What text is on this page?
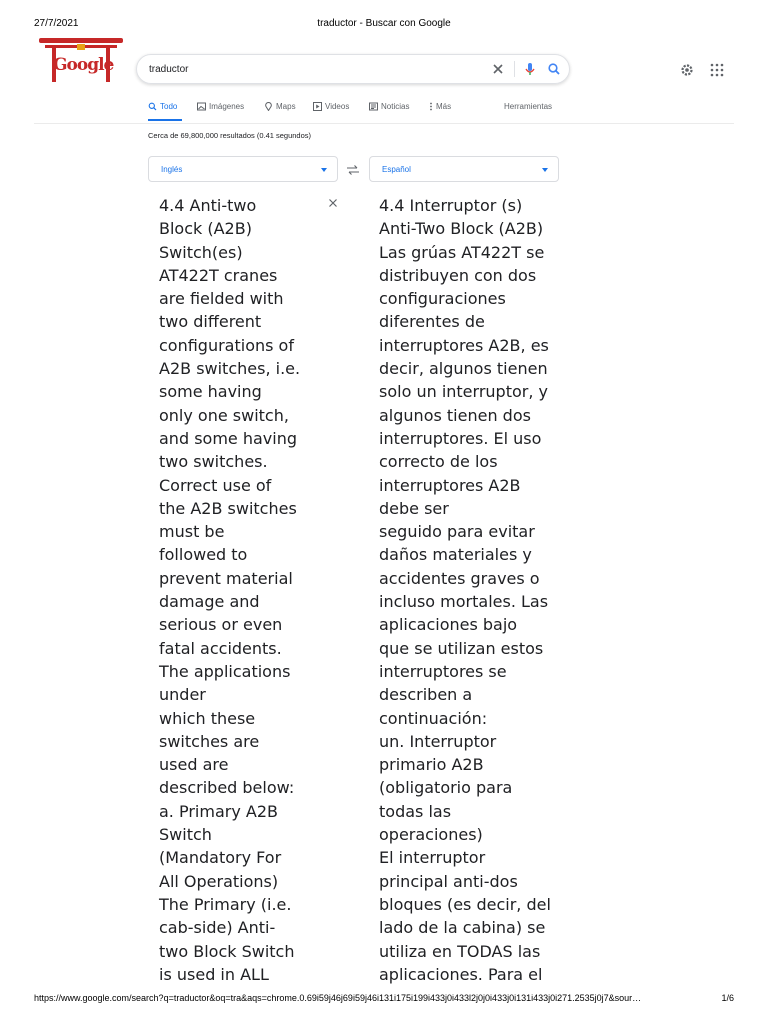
27/7/2021	traductor - Buscar con Google
Google
traductor
Todo	Imágenes	Maps	Videos	Noticias	Más	Herramientas
Cerca de 69,800,000 resultados (0.41 segundos)
Inglés	Español
4.4 Anti-two
Block (A2B)
Switch(es)
AT422T cranes
are fielded with
two different
configurations of
A2B switches, i.e.
some having
only one switch,
and some having
two switches.
Correct use of
the A2B switches
must be
followed to
prevent material
damage and
serious or even
fatal accidents.
The applications
under
which these
switches are
used are
described below:
a. Primary A2B
Switch
(Mandatory For
All Operations)
The Primary (i.e.
cab-side) Anti-
two Block Switch
is used in ALL
4.4 Interruptor (s)
Anti-Two Block (A2B)
Las grúas AT422T se
distribuyen con dos
configuraciones
diferentes de
interruptores A2B, es
decir, algunos tienen
solo un interruptor, y
algunos tienen dos
interruptores. El uso
correcto de los
interruptores A2B
debe ser
seguido para evitar
daños materiales y
accidentes graves o
incluso mortales. Las
aplicaciones bajo
que se utilizan estos
interruptores se
describen a
continuación:
un. Interruptor
primario A2B
(obligatorio para
todas las
operaciones)
El interruptor
principal anti-dos
bloques (es decir, del
lado de la cabina) se
utiliza en TODAS las
aplicaciones. Para el
https://www.google.com/search?q=traductor&oq=tra&aqs=chrome.0.69i59j46j69i59j46i131i175i199i433j0i433l2j0j0i433j0i131i433j0i271.2535j0j7&sour…	1/6
